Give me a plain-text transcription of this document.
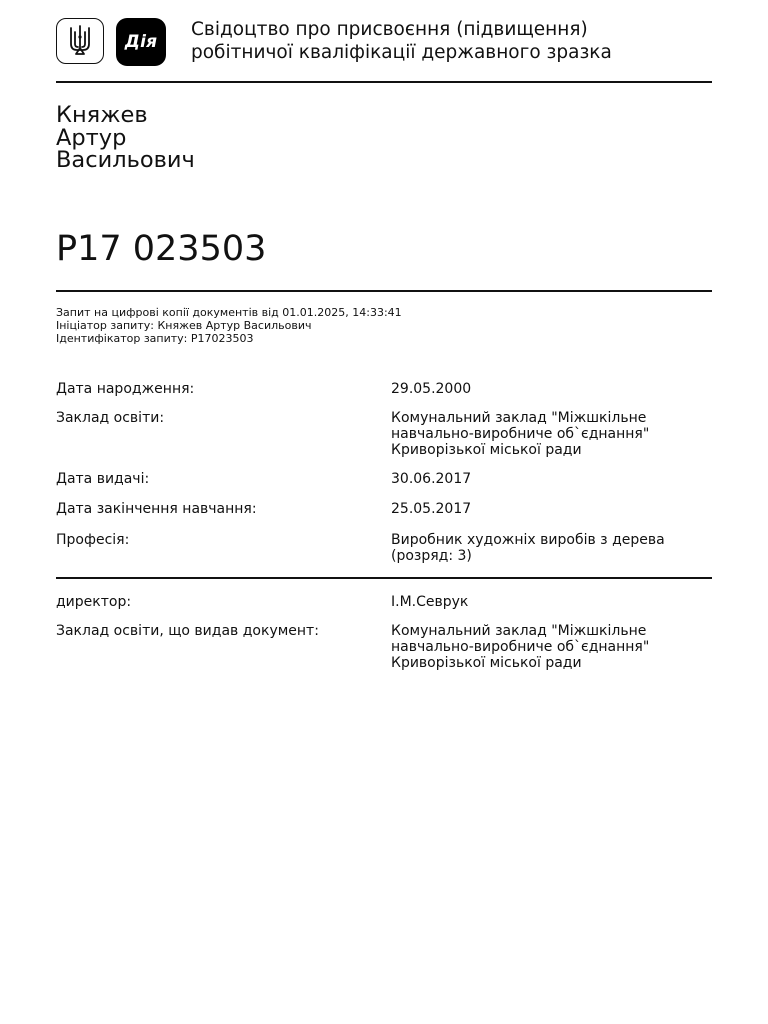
Дія
Свідоцтво про присвоєння (підвищення)
робітничої кваліфікації державного зразка
Княжев
Артур
Васильович
Р17 023503
Запит на цифрові копії документів від 01.01.2025, 14:33:41
Ініціатор запиту: Княжев Артур Васильович
Ідентифікатор запиту: Р17023503
Дата народження:	29.05.2000
Заклад освіти:	Комунальний заклад "Міжшкільне
навчально-виробниче об`єднання"
Криворізької міської ради
Дата видачі:	30.06.2017
Дата закінчення навчання:	25.05.2017
Професія:	Виробник художніх виробів з дерева
(розряд: 3)
директор:	І.М.Севрук
Заклад освіти, що видав документ:	Комунальний заклад "Міжшкільне
навчально-виробниче об`єднання"
Криворізької міської ради
